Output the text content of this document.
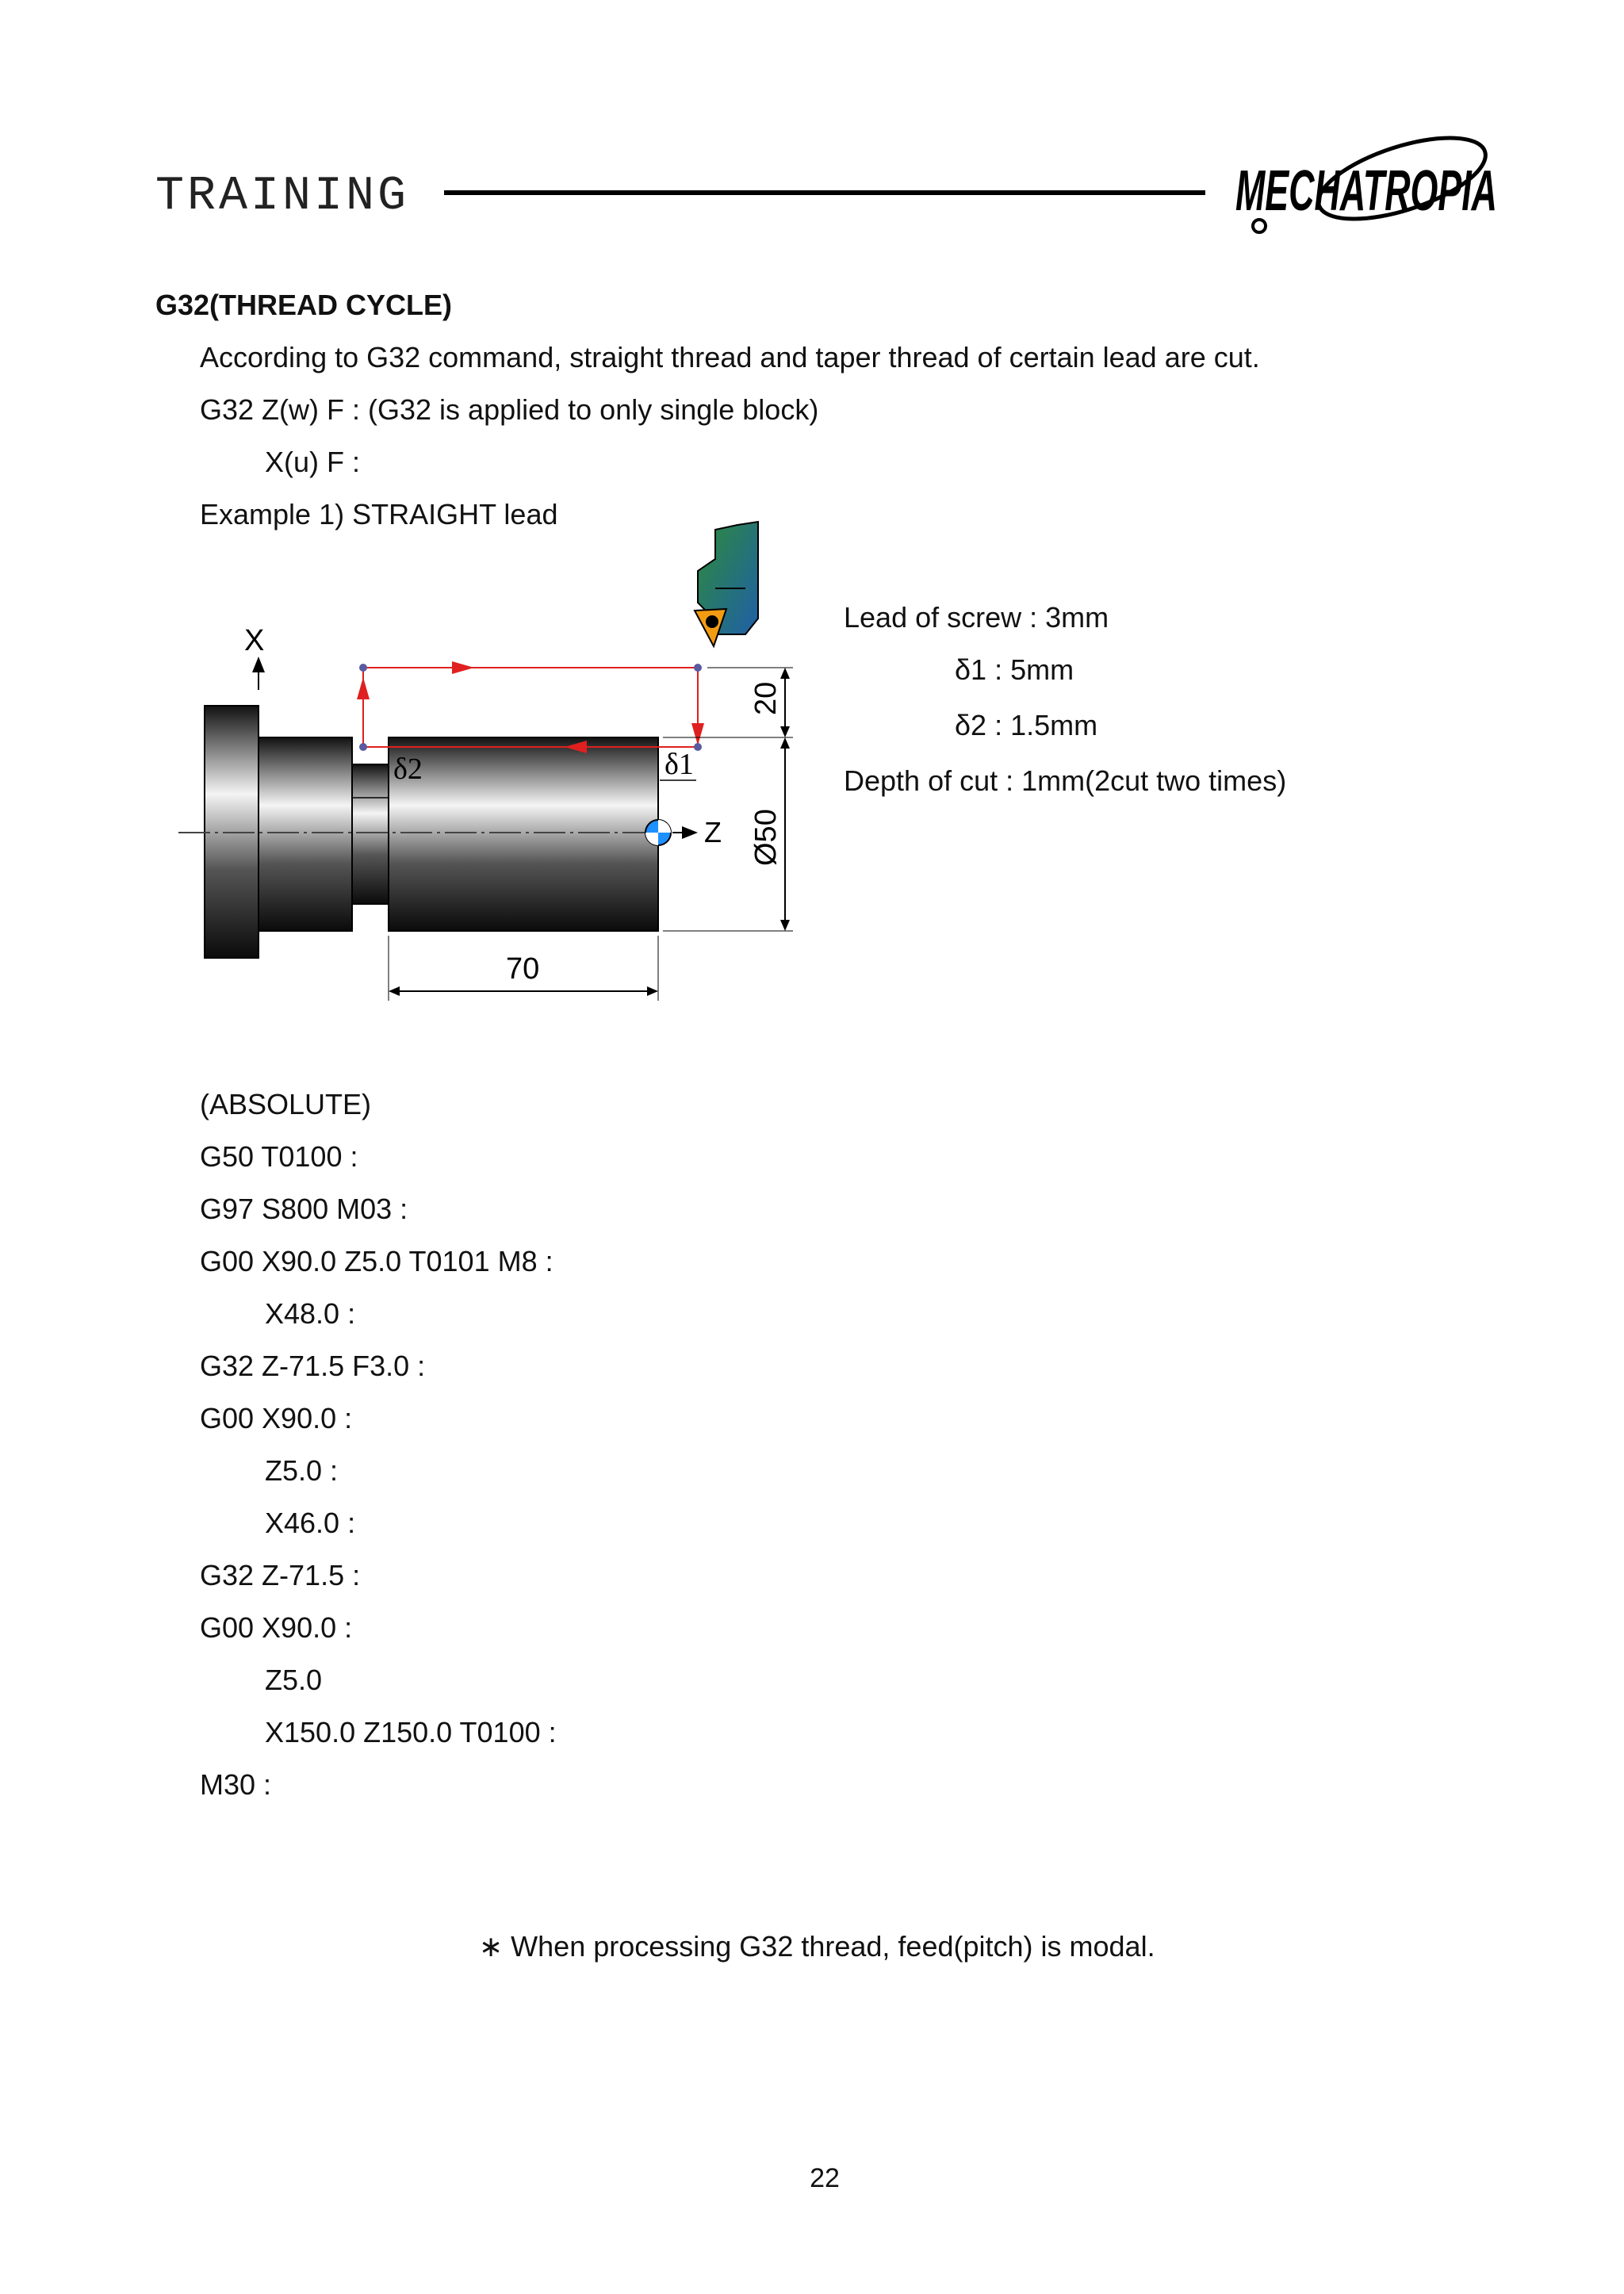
TRAINING	MECHATROPIA
G32(THREAD CYCLE)
According to G32 command, straight thread and taper thread of certain lead are cut.
G32 Z(w) F : (G32 is applied to only single block)
X(u) F :
Example 1) STRAIGHT lead
X
Z
δ1
δ2
20
Ø50
70
Lead of screw : 3mm
δ1 : 5mm
δ2 : 1.5mm
Depth of cut : 1mm(2cut two times)
(ABSOLUTE)
G50 T0100 :
G97 S800 M03 :
G00 X90.0 Z5.0 T0101 M8 :
X48.0 :
G32 Z-71.5 F3.0 :
G00 X90.0 :
Z5.0 :
X46.0 :
G32 Z-71.5 :
G00 X90.0 :
Z5.0
X150.0 Z150.0 T0100 :
M30 :
∗ When processing G32 thread, feed(pitch) is modal.
22
